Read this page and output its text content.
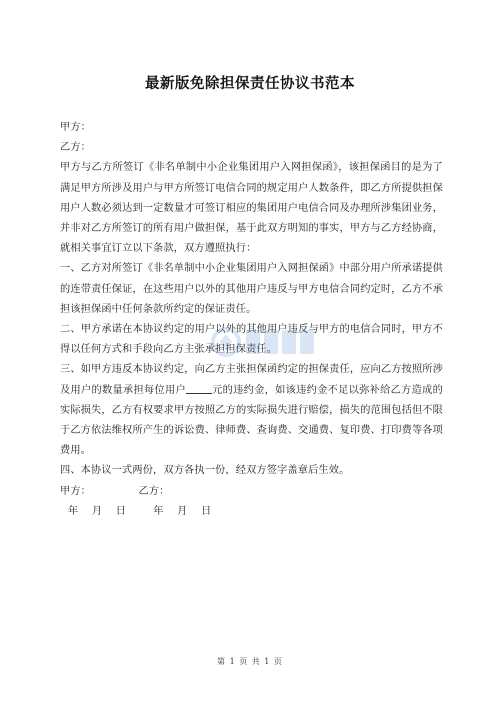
最新版免除担保责任协议书范本

甲方：

乙方：

甲方与乙方所签订《非名单制中小企业集团用户入网担保函》，该担保函目的是为了满足甲方所涉及用户与甲方所签订电信合同的规定用户人数条件，即乙方所提供担保用户人数必须达到一定数量才可签订相应的集团用户电信合同及办理所涉集团业务，并非对乙方所签订的所有用户做担保，基于此双方明知的事实，甲方与乙方经协商，就相关事宜订立以下条款，双方遵照执行：

一、乙方对所签订《非名单制中小企业集团用户入网担保函》中部分用户所承诺提供的连带责任保证，在这些用户以外的其他用户违反与甲方电信合同约定时，乙方不承担该担保函中任何条款所约定的保证责任。

二、甲方承诺在本协议约定的用户以外的其他用户违反与甲方的电信合同时，甲方不得以任何方式和手段向乙方主张承担担保责任。

三、如甲方违反本协议约定，向乙方主张担保函约定的担保责任，应向乙方按照所涉及用户的数量承担每位用户	元的违约金，如该违约金不足以弥补给乙方造成的实际损失，乙方有权要求甲方按照乙方的实际损失进行赔偿，损失的范围包括但不限于乙方依法维权所产生的诉讼费、律师费、查询费、交通费、复印费、打印费等各项费用。

四、本协议一式两份，双方各执一份，经双方签字盖章后生效。

甲方：              乙方：

年    月    日        年    月    日

第 1 页 共 1 页
